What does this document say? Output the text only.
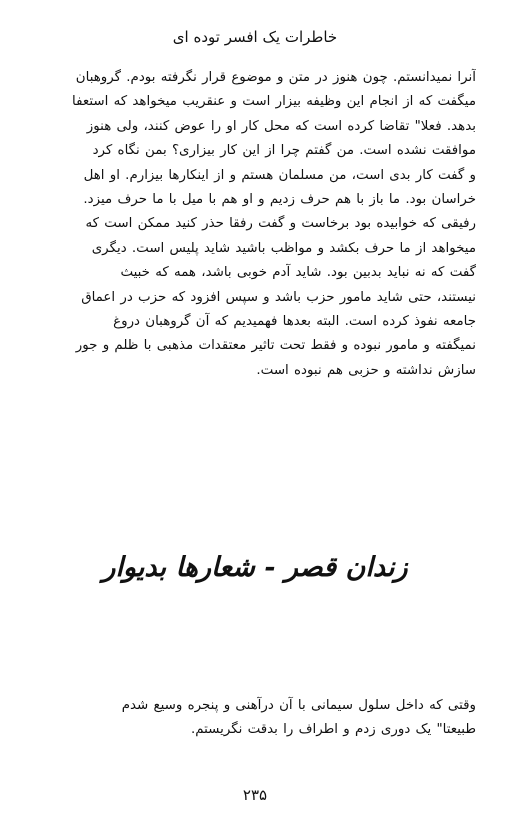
خاطرات یک افسر توده ای
آنرا نمیدانستم. چون هنوز در متن و موضوع قرار نگرفته بودم. گروهبان
میگفت که از انجام این وظیفه بیزار است و عنقریب میخواهد که استعفا
بدهد. فعلا" تقاضا کرده است که محل کار او را عوض کنند، ولی هنوز
موافقت نشده است. من گفتم چرا از این کار بیزاری؟ بمن نگاه کرد
و گفت کار بدی است، من مسلمان هستم و از اینکارها بیزارم. او اهل
خراسان بود. ما باز با هم حرف زدیم و او هم با میل با ما حرف میزد.
رفیقی که خوابیده بود برخاست و گفت رفقا حذر کنید ممکن است که
میخواهد از ما حرف بکشد و مواظب باشید شاید پلیس است. دیگری
گفت که نه نباید بدبین بود. شاید آدم خوبی باشد، همه که خبیث
نیستند، حتی شاید مامور حزب باشد و سپس افزود که حزب در اعماق
جامعه نفوذ کرده است. البته بعدها فهمیدیم که آن گروهبان دروغ
نمیگفته و مامور نبوده و فقط تحت تاثیر معتقدات مذهبی با ظلم و جور
سازش نداشته و حزبی هم نبوده است.
زندان قصر - شعارها بدیوار
وقتی که داخل سلول سیمانی با آن درآهنی و پنجره وسیع شدم
طبیعتا" یک دوری زدم و اطراف را بدقت نگریستم.
۲۳۵
